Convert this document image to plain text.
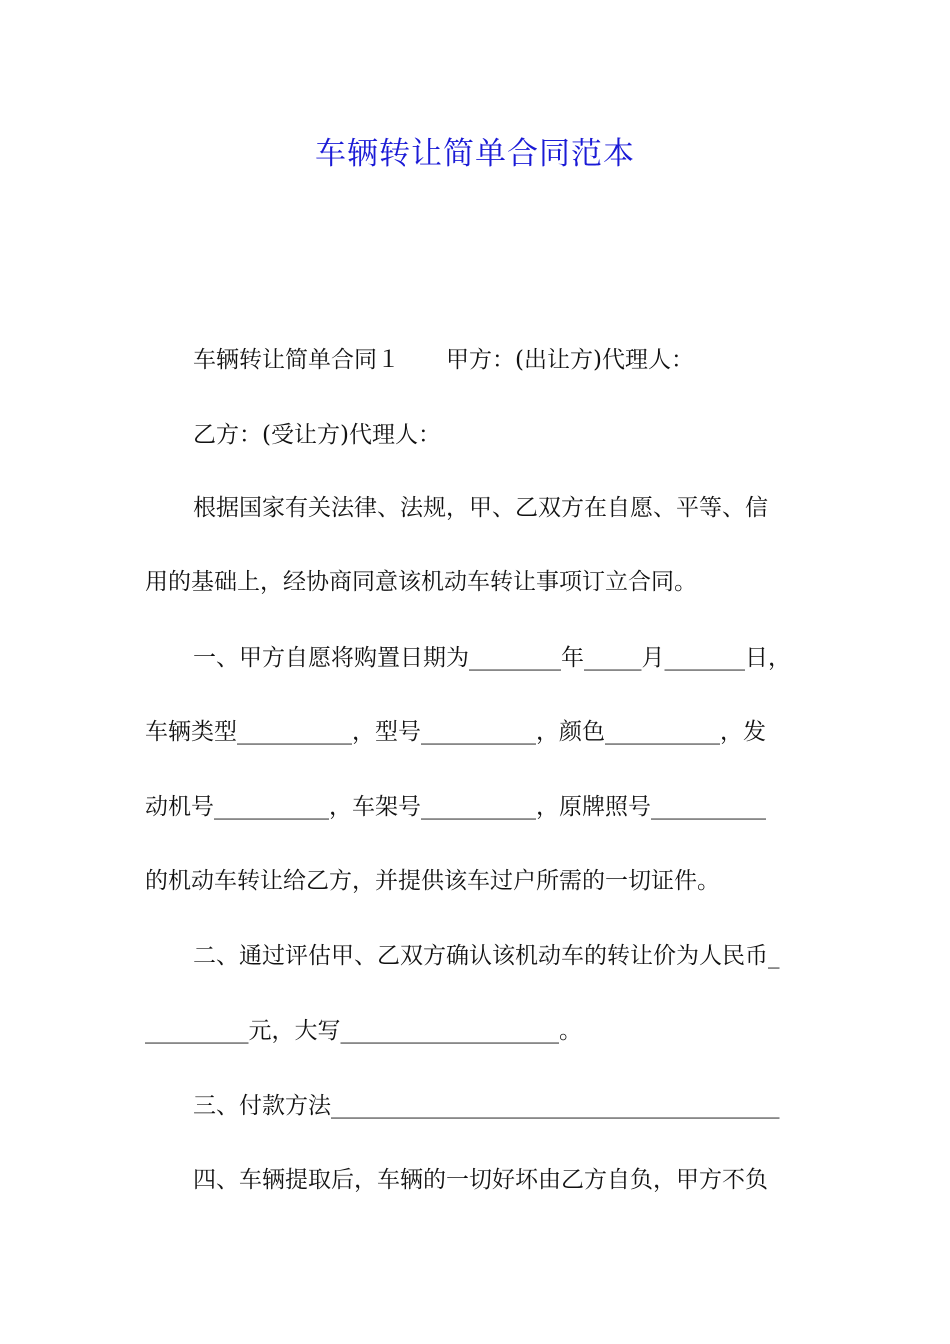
车辆转让简单合同范本
车辆转让简单合同１　　甲方：(出让方)代理人：
乙方：(受让方)代理人：
根据国家有关法律、法规，甲、乙双方在自愿、平等、信
用的基础上，经协商同意该机动车转让事项订立合同。
一、甲方自愿将购置日期为________年_____月_______日，
车辆类型__________，型号__________，颜色__________，发
动机号__________，车架号__________，原牌照号__________
的机动车转让给乙方，并提供该车过户所需的一切证件。
二、通过评估甲、乙双方确认该机动车的转让价为人民币_
_________元，大写___________________。
三、付款方法_______________________________________
四、车辆提取后，车辆的一切好坏由乙方自负，甲方不负
